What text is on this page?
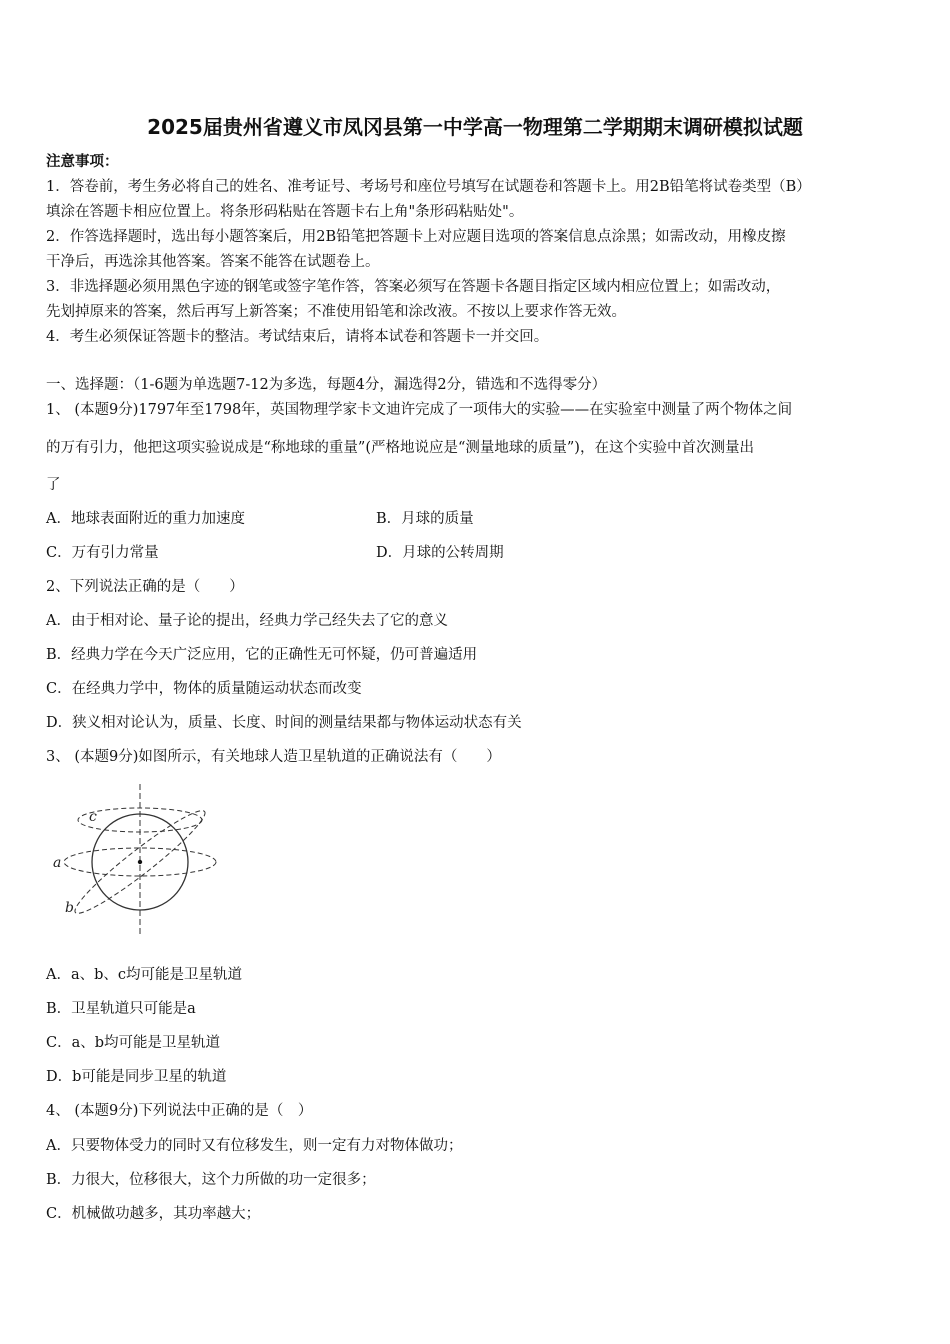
2025届贵州省遵义市凤冈县第一中学高一物理第二学期期末调研模拟试题
注意事项：
1．答卷前，考生务必将自己的姓名、准考证号、考场号和座位号填写在试题卷和答题卡上。用2B铅笔将试卷类型（B）
填涂在答题卡相应位置上。将条形码粘贴在答题卡右上角"条形码粘贴处"。
2．作答选择题时，选出每小题答案后，用2B铅笔把答题卡上对应题目选项的答案信息点涂黑；如需改动，用橡皮擦
干净后，再选涂其他答案。答案不能答在试题卷上。
3．非选择题必须用黑色字迹的钢笔或签字笔作答，答案必须写在答题卡各题目指定区域内相应位置上；如需改动，
先划掉原来的答案，然后再写上新答案；不准使用铅笔和涂改液。不按以上要求作答无效。
4．考生必须保证答题卡的整洁。考试结束后，请将本试卷和答题卡一并交回。
一、选择题：（1-6题为单选题7-12为多选，每题4分，漏选得2分，错选和不选得零分）
1、 (本题9分)1797年至1798年，英国物理学家卡文迪许完成了一项伟大的实验——在实验室中测量了两个物体之间
的万有引力，他把这项实验说成是“称地球的重量”(严格地说应是“测量地球的质量”)，在这个实验中首次测量出
了
A．地球表面附近的重力加速度	B．月球的质量
C．万有引力常量	D．月球的公转周期
2、下列说法正确的是（　　）
A．由于相对论、量子论的提出，经典力学己经失去了它的意义
B．经典力学在今天广泛应用，它的正确性无可怀疑，仍可普遍适用
C．在经典力学中，物体的质量随运动状态而改变
D．狭义相对论认为，质量、长度、时间的测量结果都与物体运动状态有关
3、 (本题9分)如图所示，有关地球人造卫星轨道的正确说法有（　　）
c
a
b
A．a、b、c均可能是卫星轨道
B．卫星轨道只可能是a
C．a、b均可能是卫星轨道
D．b可能是同步卫星的轨道
4、 (本题9分)下列说法中正确的是（　）
A．只要物体受力的同时又有位移发生，则一定有力对物体做功；
B．力很大，位移很大，这个力所做的功一定很多；
C．机械做功越多，其功率越大；
